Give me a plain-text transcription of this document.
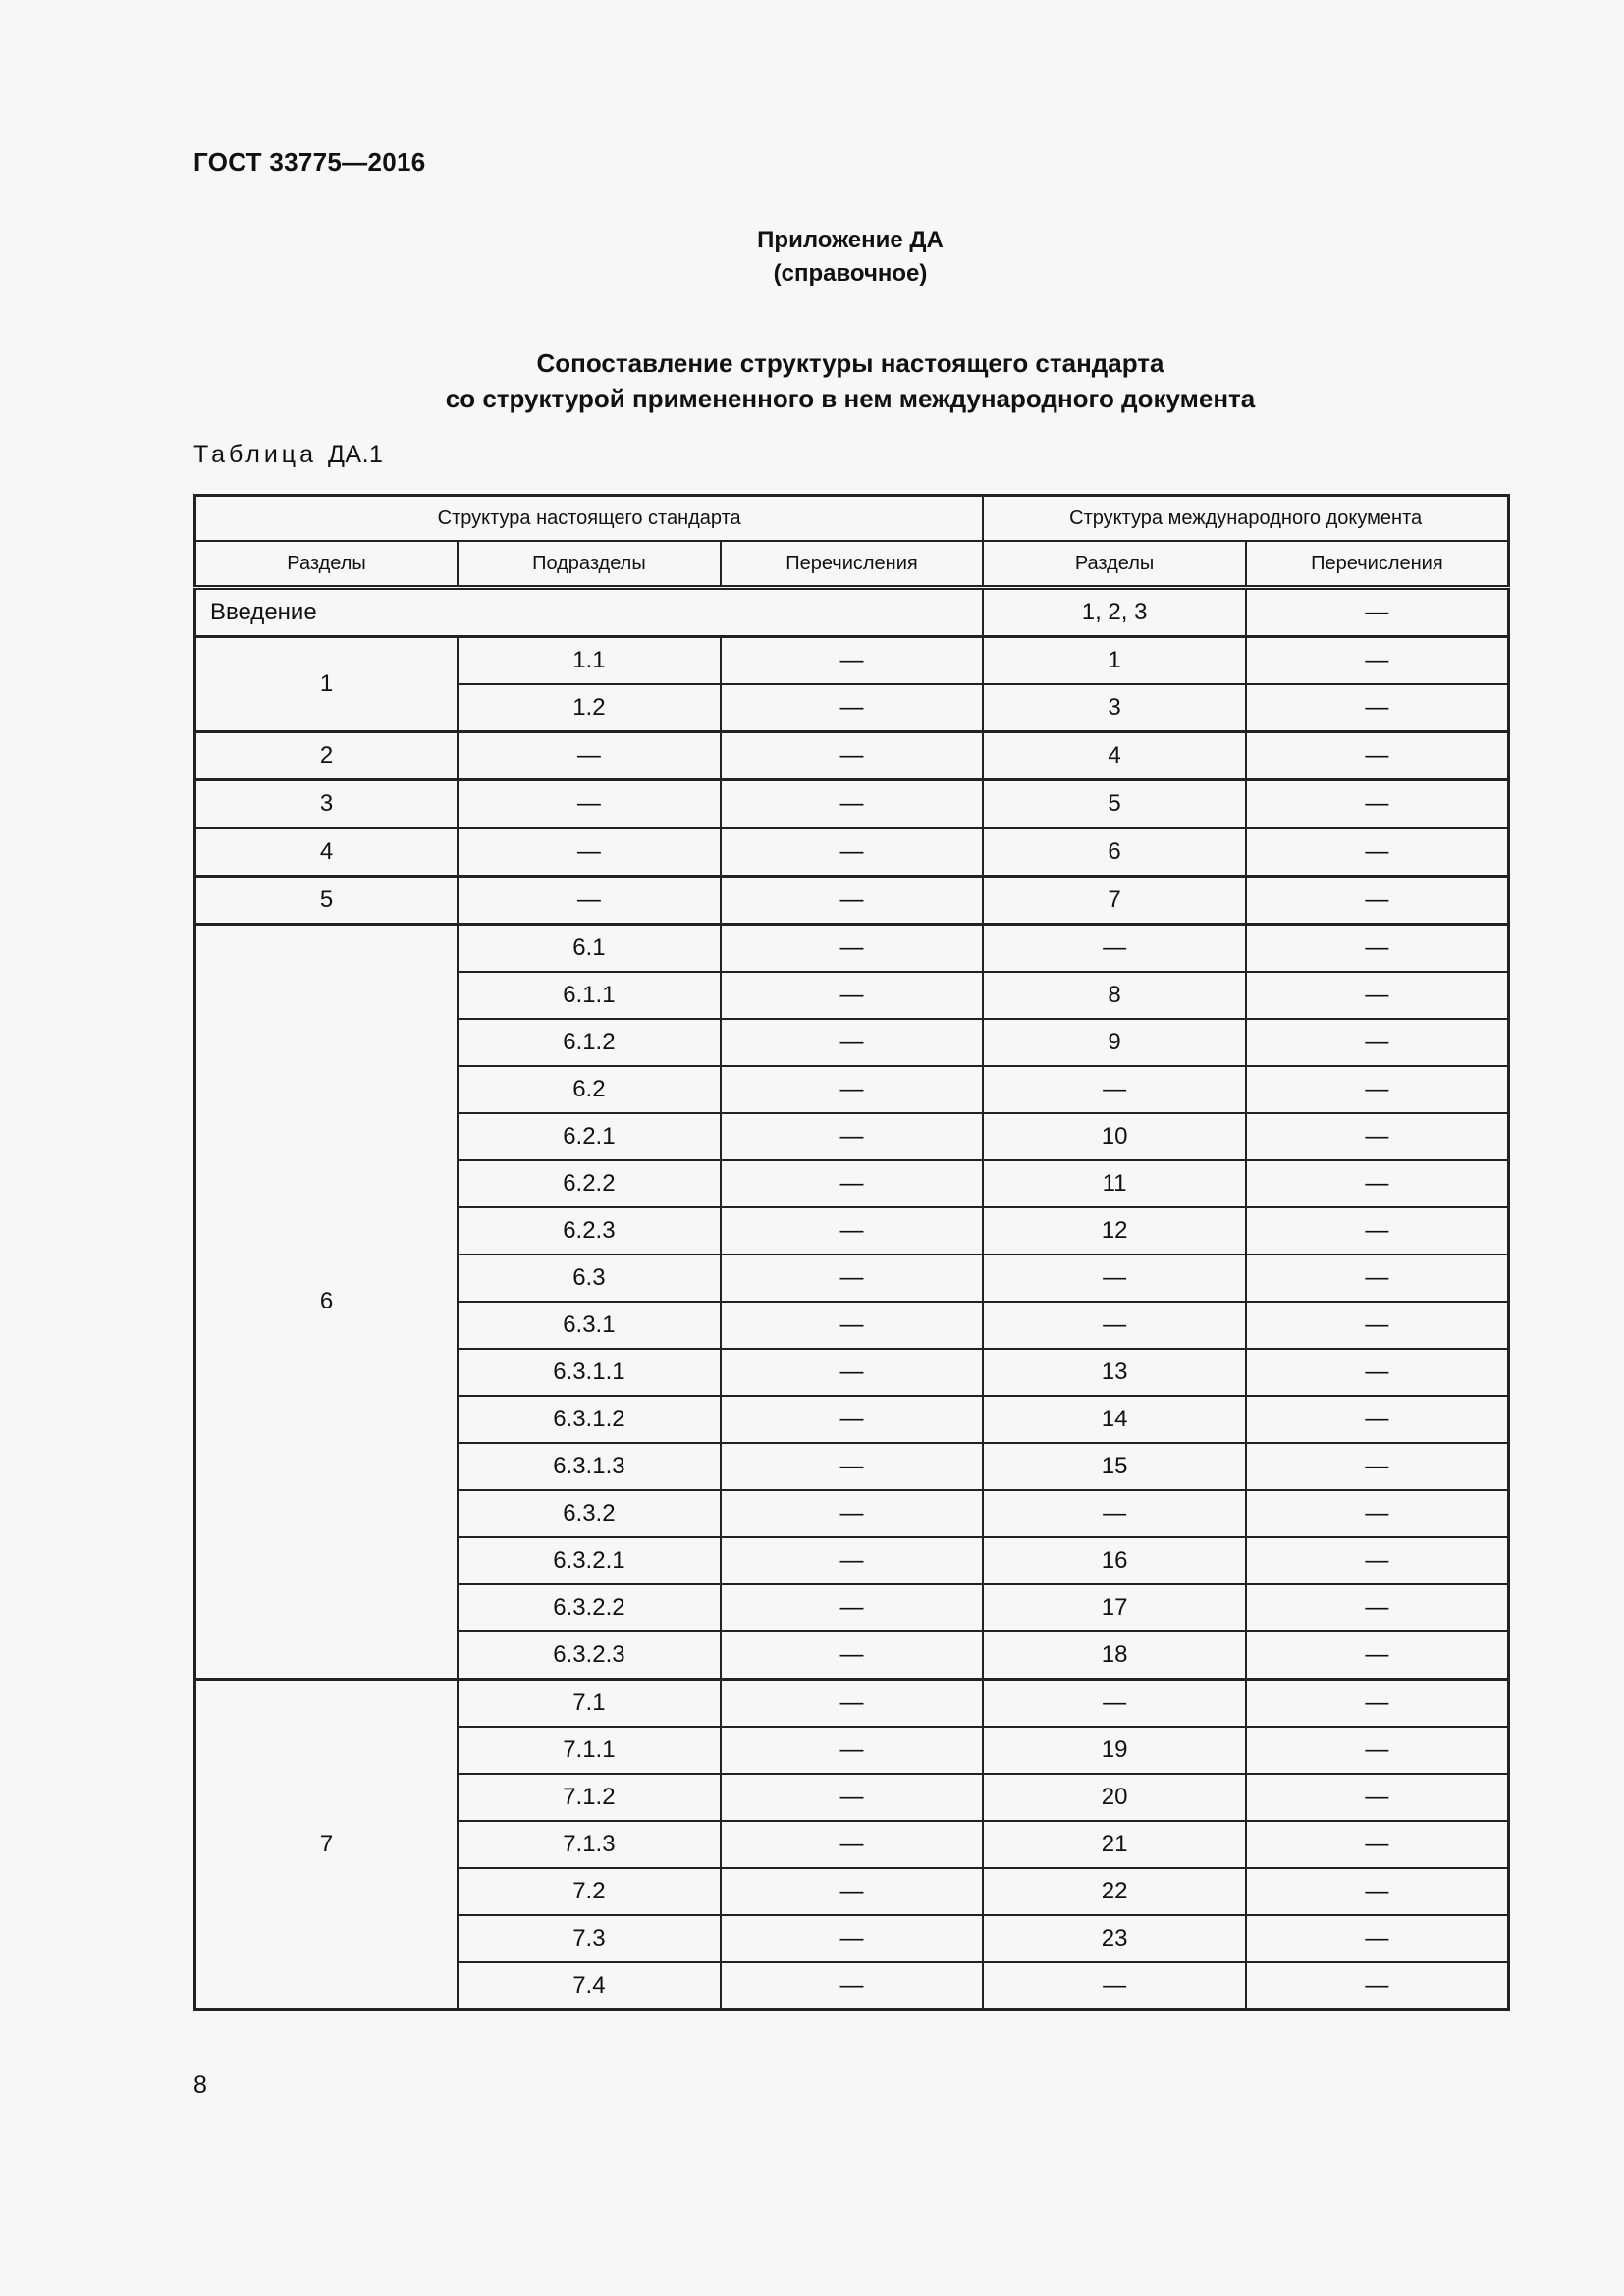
ГОСТ 33775—2016
Приложение ДА
(справочное)
Сопоставление структуры настоящего стандарта
со структурой примененного в нем международного документа
Таблица ДА.1
Структура настоящего стандарта			Структура международного документа	
Разделы	Подразделы	Перечисления	Разделы	Перечисления
Введение			1, 2, 3	—
1	1.1	—	1	—
	1.2	—	3	—
2	—	—	4	—
3	—	—	5	—
4	—	—	6	—
5	—	—	7	—
6	6.1	—	—	—
	6.1.1	—	8	—
	6.1.2	—	9	—
	6.2	—	—	—
	6.2.1	—	10	—
	6.2.2	—	11	—
	6.2.3	—	12	—
	6.3	—	—	—
	6.3.1	—	—	—
	6.3.1.1	—	13	—
	6.3.1.2	—	14	—
	6.3.1.3	—	15	—
	6.3.2	—	—	—
	6.3.2.1	—	16	—
	6.3.2.2	—	17	—
	6.3.2.3	—	18	—
7	7.1	—	—	—
	7.1.1	—	19	—
	7.1.2	—	20	—
	7.1.3	—	21	—
	7.2	—	22	—
	7.3	—	23	—
	7.4	—	—	—
8
